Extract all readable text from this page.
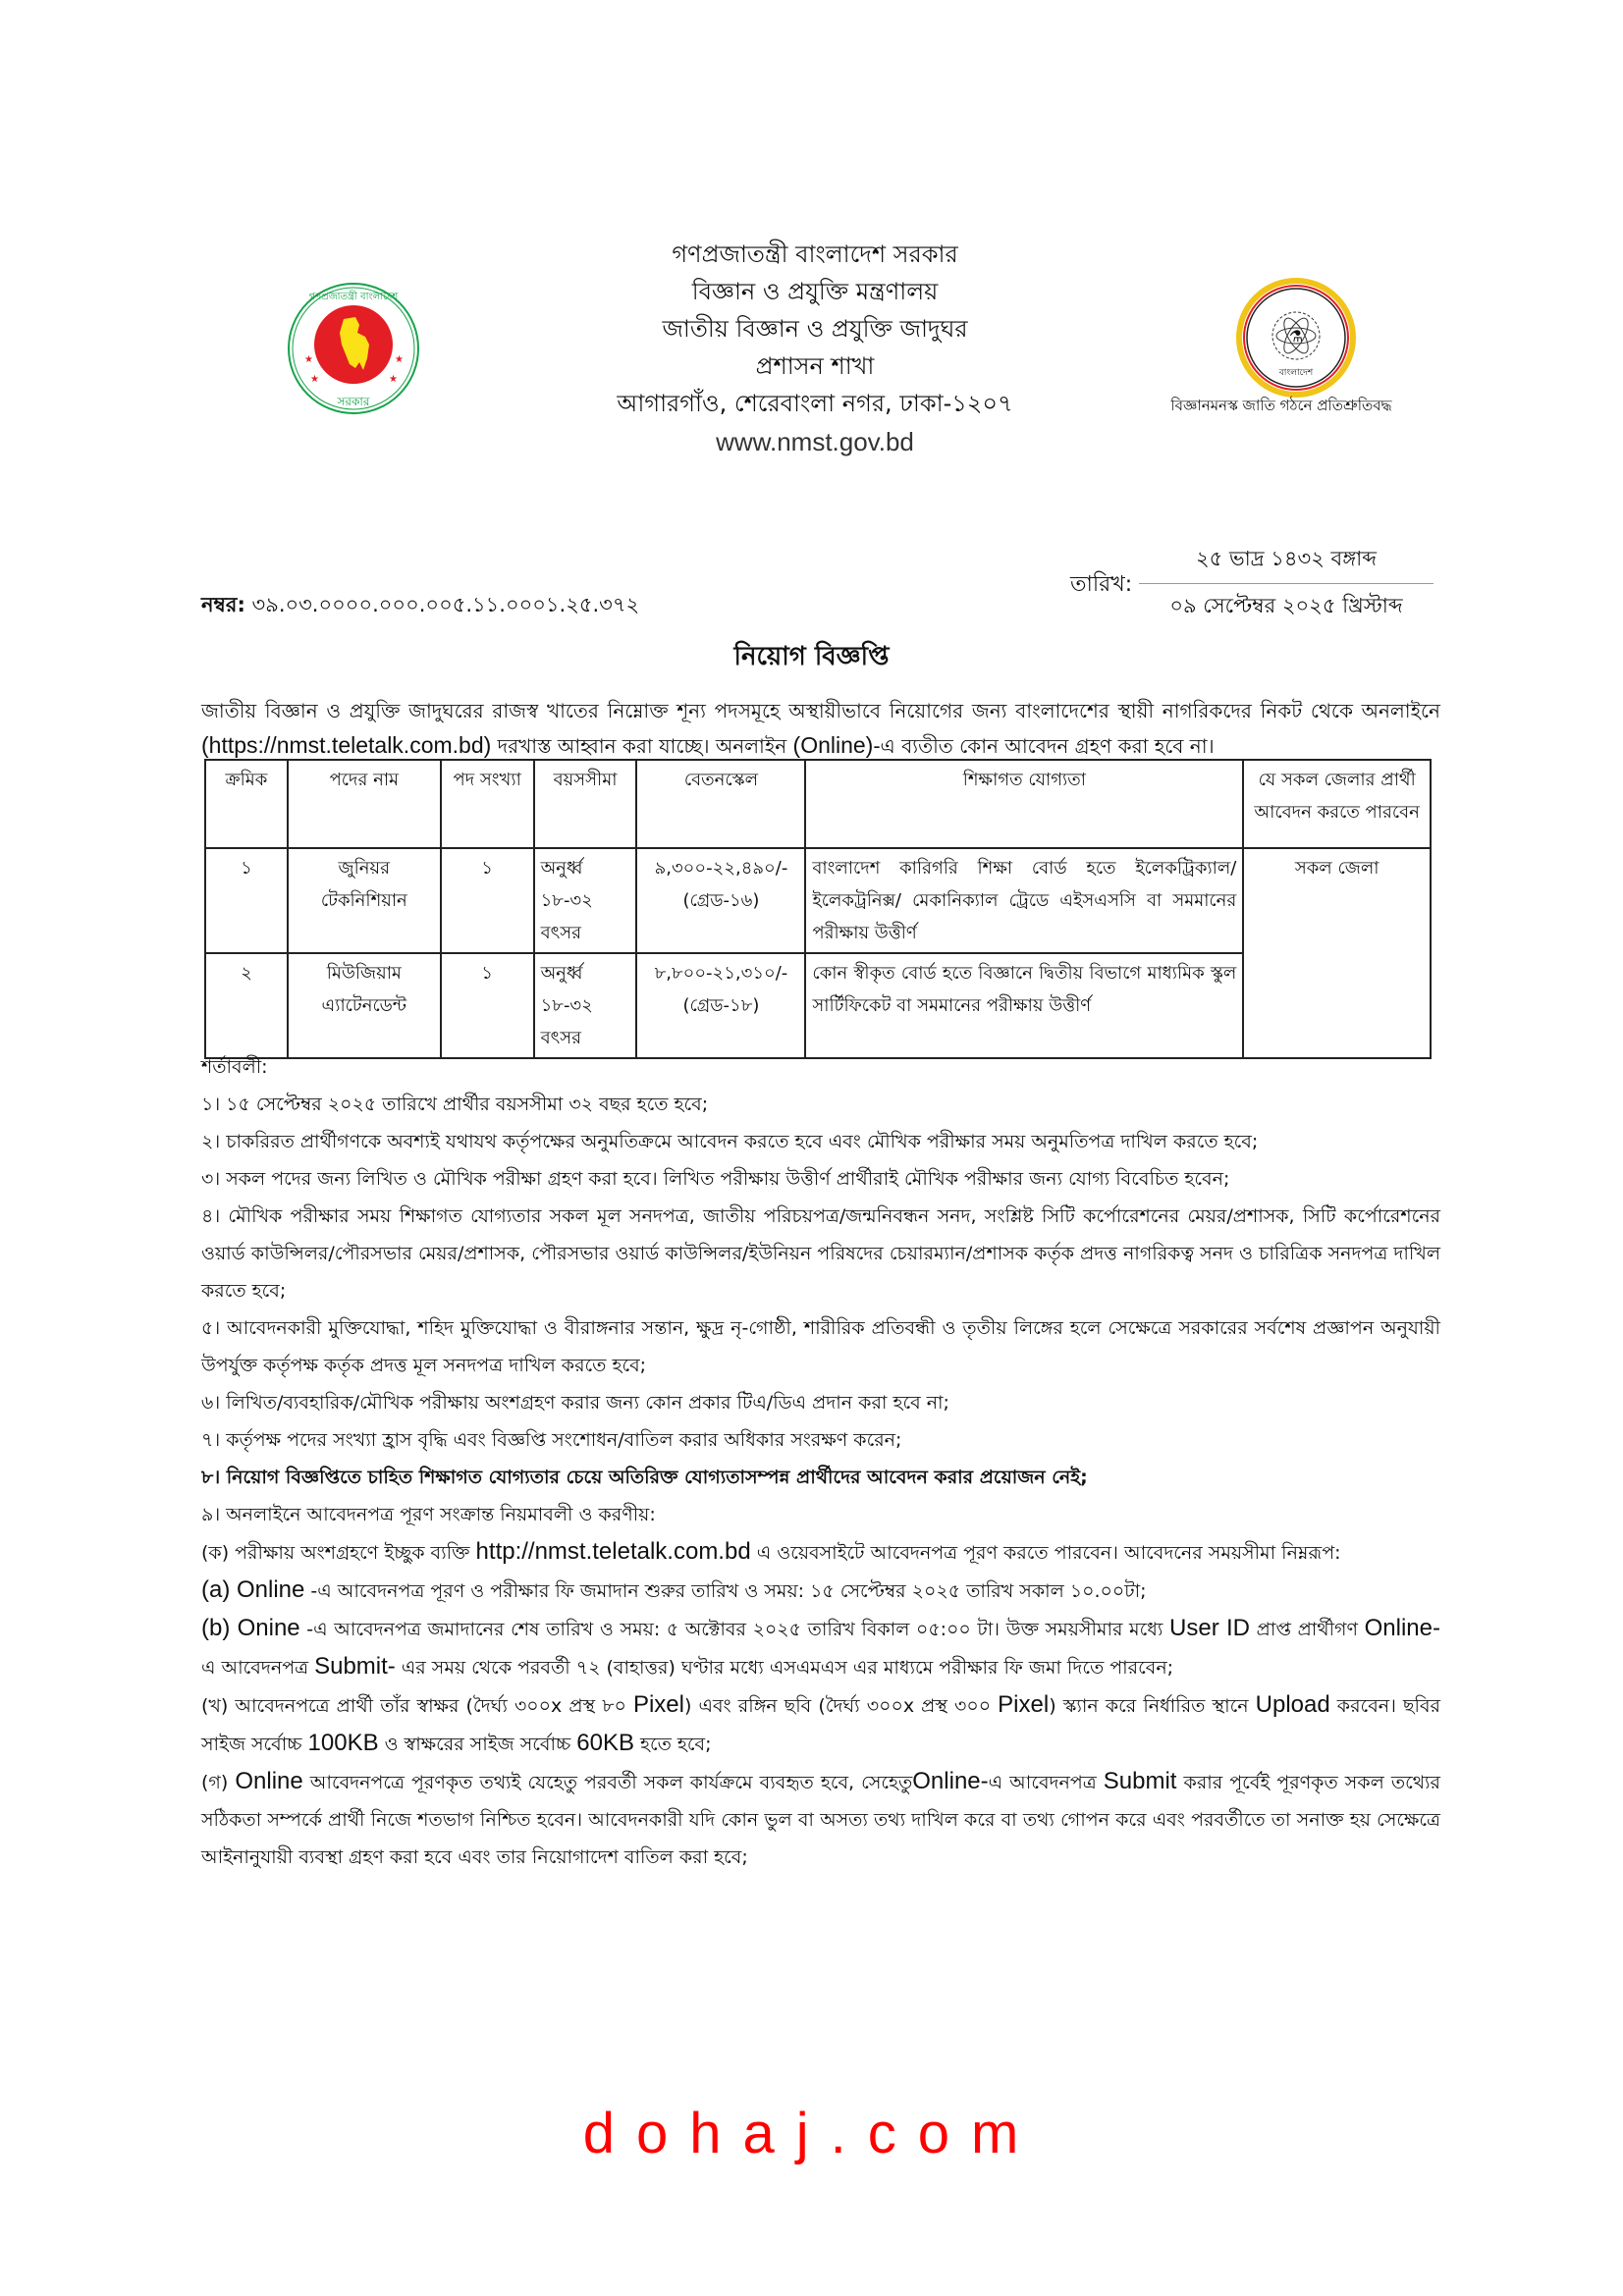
গণপ্রজাতন্ত্রী বাংলাদেশ
সরকার
★	★
★	★
গণপ্রজাতন্ত্রী বাংলাদেশ সরকার
বিজ্ঞান ও প্রযুক্তি মন্ত্রণালয়
জাতীয় বিজ্ঞান ও প্রযুক্তি জাদুঘর
প্রশাসন শাখা
আগারগাঁও, শেরেবাংলা নগর, ঢাকা-১২০৭
www.nmst.gov.bd
⚗
বাংলাদেশ
বিজ্ঞানমনস্ক জাতি গঠনে প্রতিশ্রুতিবদ্ধ
নম্বর: ৩৯.০৩.০০০০.০০০.০০৫.১১.০০০১.২৫.৩৭২
তারিখ:
২৫ ভাদ্র ১৪৩২ বঙ্গাব্দ
০৯ সেপ্টেম্বর ২০২৫ খ্রিস্টাব্দ
নিয়োগ বিজ্ঞপ্তি
জাতীয় বিজ্ঞান ও প্রযুক্তি জাদুঘরের রাজস্ব খাতের নিম্নোক্ত শূন্য পদসমূহে অস্থায়ীভাবে নিয়োগের জন্য বাংলাদেশের স্থায়ী নাগরিকদের নিকট থেকে অনলাইনে (https://nmst.teletalk.com.bd) দরখাস্ত আহ্বান করা যাচ্ছে। অনলাইন (Online)-এ ব্যতীত কোন আবেদন গ্রহণ করা হবে না।
ক্রমিক	পদের নাম	পদ সংখ্যা	বয়সসীমা	বেতনস্কেল	শিক্ষাগত যোগ্যতা	যে সকল জেলার প্রার্থী আবেদন করতে পারবেন
১	জুনিয়র টেকনিশিয়ান	১	অনুর্ধ্ব ১৮-৩২ বৎসর	৯,৩০০-২২,৪৯০/- (গ্রেড-১৬)	বাংলাদেশ কারিগরি শিক্ষা বোর্ড হতে ইলেকট্রিক্যাল/ইলেকট্রনিক্স/ মেকানিক্যাল ট্রেডে এইসএসসি বা সমমানের পরীক্ষায় উত্তীর্ণ	সকল জেলা
২	মিউজিয়াম এ্যাটেনডেন্ট	১	অনুর্ধ্ব ১৮-৩২ বৎসর	৮,৮০০-২১,৩১০/- (গ্রেড-১৮)	কোন স্বীকৃত বোর্ড হতে বিজ্ঞানে দ্বিতীয় বিভাগে মাধ্যমিক স্কুল সার্টিফিকেট বা সমমানের পরীক্ষায় উত্তীর্ণ	

শর্তাবলী:

১। ১৫ সেপ্টেম্বর ২০২৫ তারিখে প্রার্থীর বয়সসীমা ৩২ বছর হতে হবে;

২। চাকরিরত প্রার্থীগণকে অবশ্যই যথাযথ কর্তৃপক্ষের অনুমতিক্রমে আবেদন করতে হবে এবং মৌখিক পরীক্ষার সময় অনুমতিপত্র দাখিল করতে হবে;

৩। সকল পদের জন্য লিখিত ও মৌখিক পরীক্ষা গ্রহণ করা হবে। লিখিত পরীক্ষায় উত্তীর্ণ প্রার্থীরাই মৌখিক পরীক্ষার জন্য যোগ্য বিবেচিত হবেন;

৪। মৌখিক পরীক্ষার সময় শিক্ষাগত যোগ্যতার সকল মূল সনদপত্র, জাতীয় পরিচয়পত্র/জন্মনিবন্ধন সনদ, সংশ্লিষ্ট সিটি কর্পোরেশনের মেয়র/প্রশাসক, সিটি কর্পোরেশনের ওয়ার্ড কাউন্সিলর/পৌরসভার মেয়র/প্রশাসক, পৌরসভার ওয়ার্ড কাউন্সিলর/ইউনিয়ন পরিষদের চেয়ারম্যান/প্রশাসক কর্তৃক প্রদত্ত নাগরিকত্ব সনদ ও চারিত্রিক সনদপত্র দাখিল করতে হবে;

৫। আবেদনকারী মুক্তিযোদ্ধা, শহিদ মুক্তিযোদ্ধা ও বীরাঙ্গনার সন্তান, ক্ষুদ্র নৃ-গোষ্ঠী, শারীরিক প্রতিবন্ধী ও তৃতীয় লিঙ্গের হলে সেক্ষেত্রে সরকারের সর্বশেষ প্রজ্ঞাপন অনুযায়ী উপর্যুক্ত কর্তৃপক্ষ কর্তৃক প্রদত্ত মূল সনদপত্র দাখিল করতে হবে;

৬। লিখিত/ব্যবহারিক/মৌখিক পরীক্ষায় অংশগ্রহণ করার জন্য কোন প্রকার টিএ/ডিএ প্রদান করা হবে না;

৭। কর্তৃপক্ষ পদের সংখ্যা হ্রাস বৃদ্ধি এবং বিজ্ঞপ্তি সংশোধন/বাতিল করার অধিকার সংরক্ষণ করেন;

৮। নিয়োগ বিজ্ঞপ্তিতে চাহিত শিক্ষাগত যোগ্যতার চেয়ে অতিরিক্ত যোগ্যতাসম্পন্ন প্রার্থীদের আবেদন করার প্রয়োজন নেই;

৯। অনলাইনে আবেদনপত্র পূরণ সংক্রান্ত নিয়মাবলী ও করণীয়:

(ক) পরীক্ষায় অংশগ্রহণে ইচ্ছুক ব্যক্তি http://nmst.teletalk.com.bd এ ওয়েবসাইটে আবেদনপত্র পূরণ করতে পারবেন। আবেদনের সময়সীমা নিম্নরূপ:

(a) Online -এ আবেদনপত্র পূরণ ও পরীক্ষার ফি জমাদান শুরুর তারিখ ও সময়: ১৫ সেপ্টেম্বর ২০২৫ তারিখ সকাল ১০.০০টা;

(b) Onine -এ আবেদনপত্র জমাদানের শেষ তারিখ ও সময়: ৫ অক্টোবর ২০২৫ তারিখ বিকাল ০৫:০০ টা। উক্ত সময়সীমার মধ্যে User ID প্রাপ্ত প্রার্থীগণ Online- এ আবেদনপত্র Submit- এর সময় থেকে পরবর্তী ৭২ (বাহাত্তর) ঘণ্টার মধ্যে এসএমএস এর মাধ্যমে পরীক্ষার ফি জমা দিতে পারবেন;

(খ) আবেদনপত্রে প্রার্থী তাঁর স্বাক্ষর (দৈর্ঘ্য ৩০০x প্রস্থ ৮০ Pixel) এবং রঙ্গিন ছবি (দৈর্ঘ্য ৩০০x প্রস্থ ৩০০ Pixel) স্ক্যান করে নির্ধারিত স্থানে Upload করবেন। ছবির সাইজ সর্বোচ্চ 100KB ও স্বাক্ষরের সাইজ সর্বোচ্চ 60KB হতে হবে;

(গ) Online আবেদনপত্রে পূরণকৃত তথ্যই যেহেতু পরবর্তী সকল কার্যক্রমে ব্যবহৃত হবে, সেহেতুOnline-এ আবেদনপত্র Submit করার পূর্বেই পূরণকৃত সকল তথ্যের সঠিকতা সম্পর্কে প্রার্থী নিজে শতভাগ নিশ্চিত হবেন। আবেদনকারী যদি কোন ভুল বা অসত্য তথ্য দাখিল করে বা তথ্য গোপন করে এবং পরবর্তীতে তা সনাক্ত হয় সেক্ষেত্রে আইনানুযায়ী ব্যবস্থা গ্রহণ করা হবে এবং তার নিয়োগাদেশ বাতিল করা হবে;

dohaj.com
